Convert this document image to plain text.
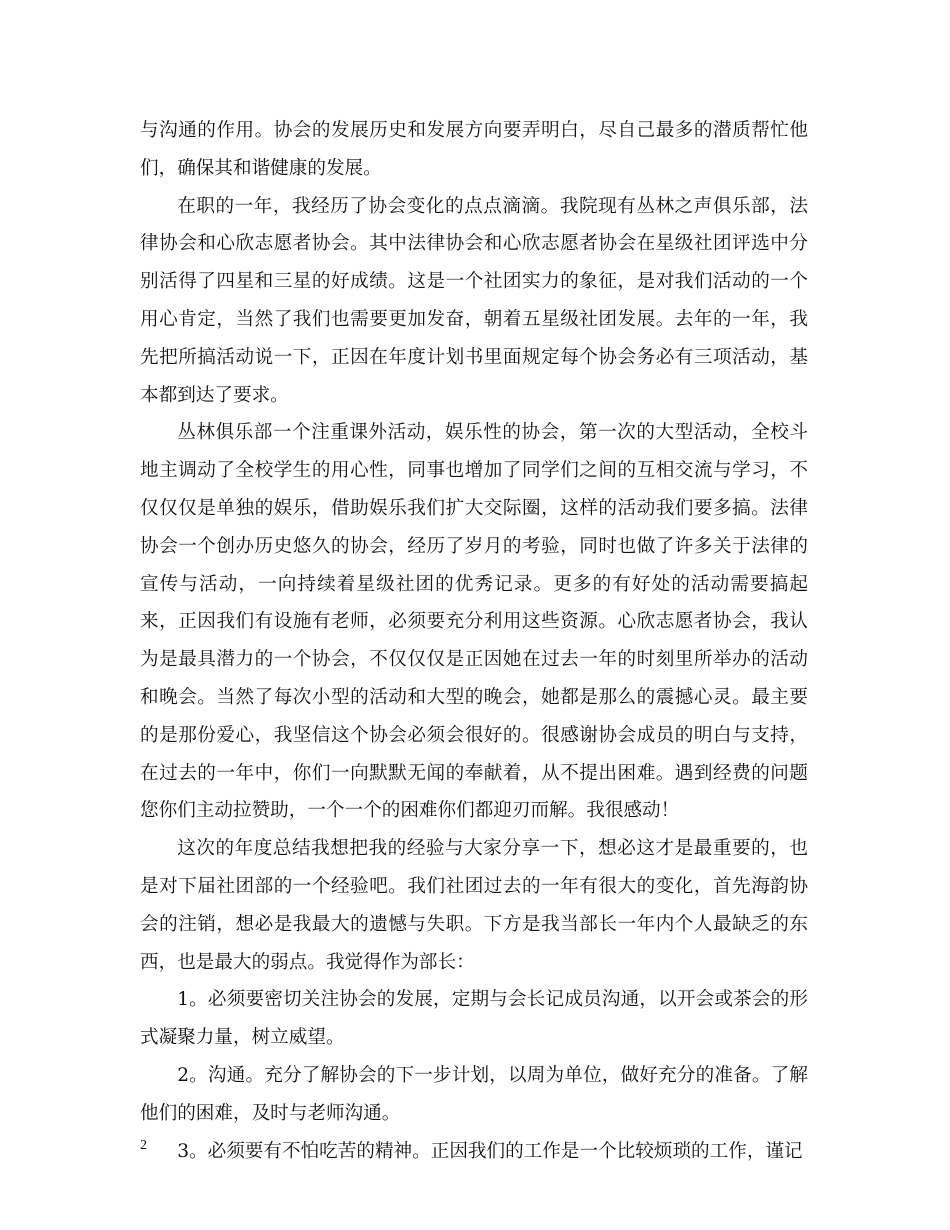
与沟通的作用。协会的发展历史和发展方向要弄明白，尽自己最多的潜质帮忙他们，确保其和谐健康的发展。

在职的一年，我经历了协会变化的点点滴滴。我院现有丛林之声俱乐部，法律协会和心欣志愿者协会。其中法律协会和心欣志愿者协会在星级社团评选中分别活得了四星和三星的好成绩。这是一个社团实力的象征，是对我们活动的一个用心肯定，当然了我们也需要更加发奋，朝着五星级社团发展。去年的一年，我先把所搞活动说一下，正因在年度计划书里面规定每个协会务必有三项活动，基本都到达了要求。

丛林俱乐部一个注重课外活动，娱乐性的协会，第一次的大型活动，全校斗地主调动了全校学生的用心性，同事也增加了同学们之间的互相交流与学习，不仅仅仅是单独的娱乐，借助娱乐我们扩大交际圈，这样的活动我们要多搞。法律协会一个创办历史悠久的协会，经历了岁月的考验，同时也做了许多关于法律的宣传与活动，一向持续着星级社团的优秀记录。更多的有好处的活动需要搞起来，正因我们有设施有老师，必须要充分利用这些资源。心欣志愿者协会，我认为是最具潜力的一个协会，不仅仅仅是正因她在过去一年的时刻里所举办的活动和晚会。当然了每次小型的活动和大型的晚会，她都是那么的震撼心灵。最主要的是那份爱心，我坚信这个协会必须会很好的。很感谢协会成员的明白与支持，在过去的一年中，你们一向默默无闻的奉献着，从不提出困难。遇到经费的问题您你们主动拉赞助，一个一个的困难你们都迎刃而解。我很感动！

这次的年度总结我想把我的经验与大家分享一下，想必这才是最重要的，也是对下届社团部的一个经验吧。我们社团过去的一年有很大的变化，首先海韵协会的注销，想必是我最大的遗憾与失职。下方是我当部长一年内个人最缺乏的东西，也是最大的弱点。我觉得作为部长：

1。必须要密切关注协会的发展，定期与会长记成员沟通，以开会或茶会的形式凝聚力量，树立威望。

2。沟通。充分了解协会的下一步计划，以周为单位，做好充分的准备。了解他们的困难，及时与老师沟通。

3。必须要有不怕吃苦的精神。正因我们的工作是一个比较烦琐的工作，谨记

2
